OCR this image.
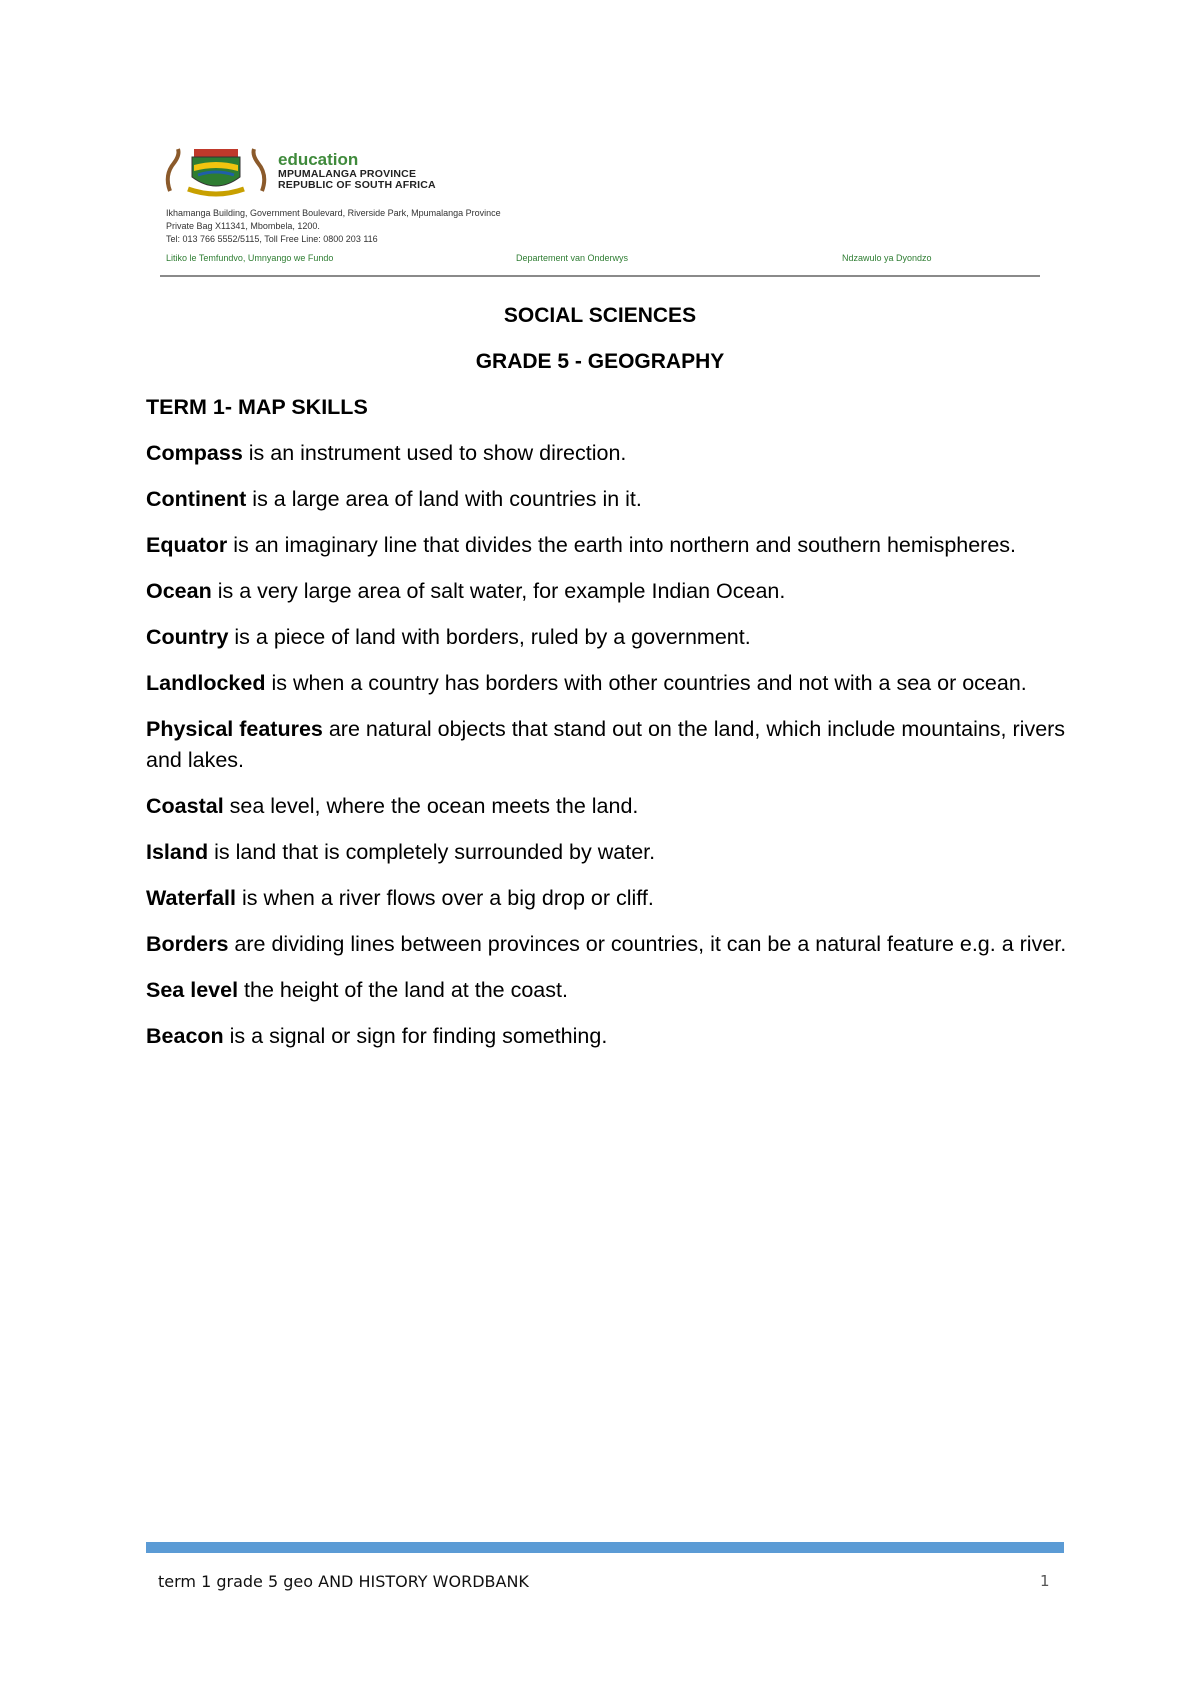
education
MPUMALANGA PROVINCE
REPUBLIC OF SOUTH AFRICA
Ikhamanga Building, Government Boulevard, Riverside Park, Mpumalanga Province
Private Bag X11341, Mbombela, 1200.
Tel: 013 766 5552/5115, Toll Free Line: 0800 203 116
Litiko le Temfundvo, Umnyango we Fundo	Departement van Onderwys	Ndzawulo ya Dyondzo
SOCIAL SCIENCES
GRADE 5 - GEOGRAPHY

TERM 1- MAP SKILLS

Compass is an instrument used to show direction.

Continent is a large area of land with countries in it.

Equator is an imaginary line that divides the earth into northern and southern hemispheres.

Ocean is a very large area of salt water, for example Indian Ocean.

Country is a piece of land with borders, ruled by a government.

Landlocked is when a country has borders with other countries and not with a sea or ocean.

Physical features are natural objects that stand out on the land, which include mountains, rivers and lakes.

Coastal sea level, where the ocean meets the land.

Island is land that is completely surrounded by water.

Waterfall is when a river flows over a big drop or cliff.

Borders are dividing lines between provinces or countries, it can be a natural feature e.g. a river.

Sea level the height of the land at the coast.

Beacon is a signal or sign for finding something.

term 1 grade 5 geo AND HISTORY WORDBANK	1
